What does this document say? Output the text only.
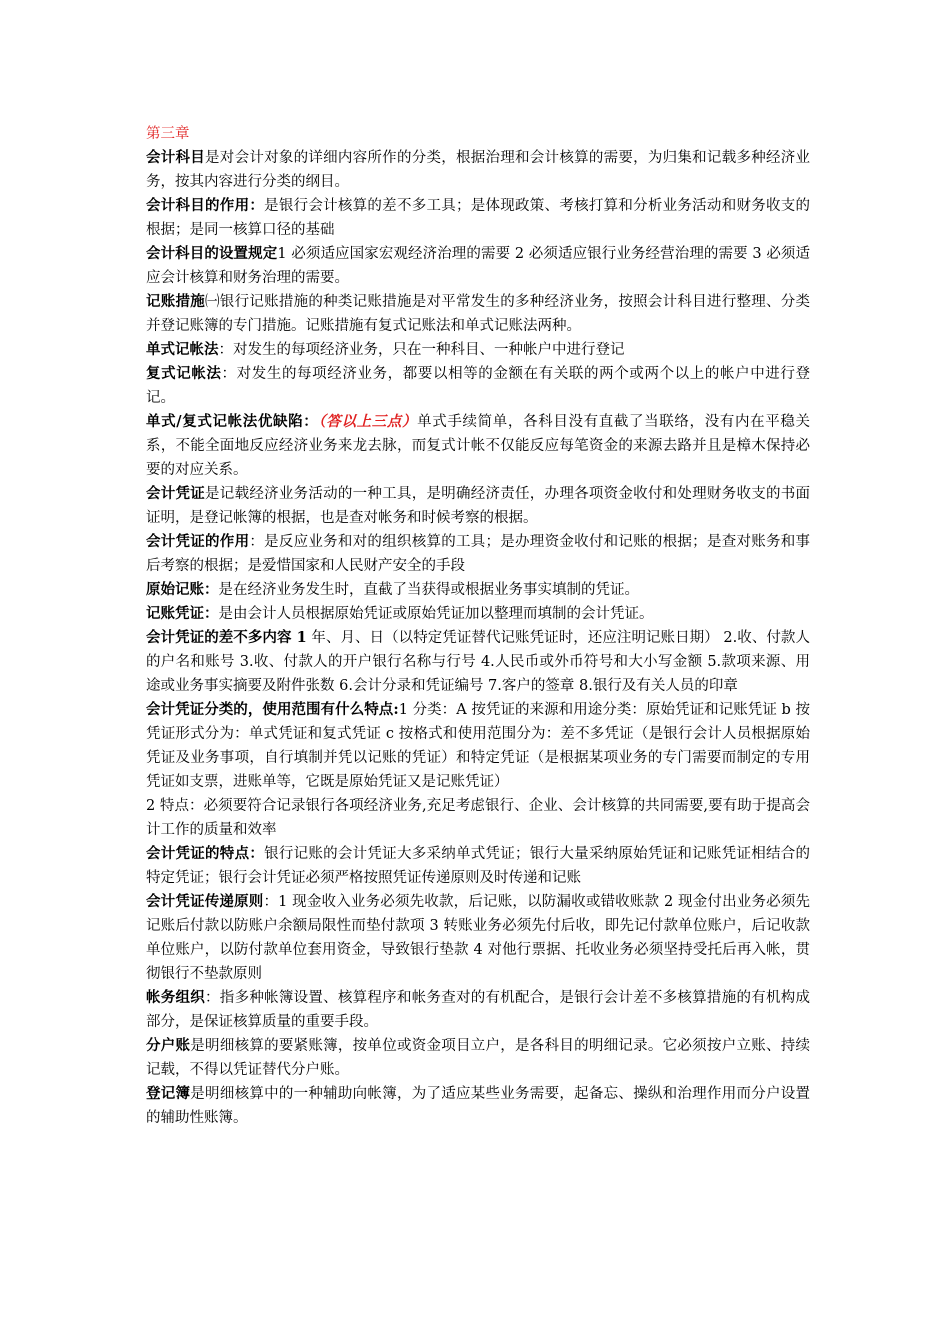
第三章

会计科目是对会计对象的详细内容所作的分类，根据治理和会计核算的需要，为归集和记载多种经济业务，按其内容进行分类的纲目。

会计科目的作用：是银行会计核算的差不多工具；是体现政策、考核打算和分析业务活动和财务收支的根据；是同一核算口径的基础

会计科目的设置规定1 必须适应国家宏观经济治理的需要 2 必须适应银行业务经营治理的需要 3 必须适应会计核算和财务治理的需要。

记账措施㈠银行记账措施的种类记账措施是对平常发生的多种经济业务，按照会计科目进行整理、分类并登记账簿的专门措施。记账措施有复式记账法和单式记账法两种。

单式记帐法：对发生的每项经济业务，只在一种科目、一种帐户中进行登记

复式记帐法：对发生的每项经济业务，都要以相等的金额在有关联的两个或两个以上的帐户中进行登记。

单式/复式记帐法优缺陷：（答以上三点）单式手续简单，各科目没有直截了当联络，没有内在平稳关系，不能全面地反应经济业务来龙去脉，而复式计帐不仅能反应每笔资金的来源去路并且是樟木保持必要的对应关系。

会计凭证是记载经济业务活动的一种工具，是明确经济责任，办理各项资金收付和处理财务收支的书面证明，是登记帐簿的根据，也是查对帐务和时候考察的根据。

会计凭证的作用：是反应业务和对的组织核算的工具；是办理资金收付和记账的根据；是查对账务和事后考察的根据；是爱惜国家和人民财产安全的手段

原始记账：是在经济业务发生时，直截了当获得或根据业务事实填制的凭证。

记账凭证：是由会计人员根据原始凭证或原始凭证加以整理而填制的会计凭证。

会计凭证的差不多内容 1 年、月、日（以特定凭证替代记账凭证时，还应注明记账日期） 2.收、付款人的户名和账号 3.收、付款人的开户银行名称与行号 4.人民币或外币符号和大小写金额 5.款项来源、用途或业务事实摘要及附件张数 6.会计分录和凭证编号 7.客户的签章 8.银行及有关人员的印章

会计凭证分类的，使用范围有什么特点:1 分类：A 按凭证的来源和用途分类：原始凭证和记账凭证 b 按凭证形式分为：单式凭证和复式凭证 c 按格式和使用范围分为：差不多凭证（是银行会计人员根据原始凭证及业务事项，自行填制并凭以记账的凭证）和特定凭证（是根据某项业务的专门需要而制定的专用凭证如支票，进账单等，它既是原始凭证又是记账凭证）

2 特点：必须要符合记录银行各项经济业务,充足考虑银行、企业、会计核算的共同需要,要有助于提高会计工作的质量和效率

会计凭证的特点：银行记账的会计凭证大多采纳单式凭证；银行大量采纳原始凭证和记账凭证相结合的特定凭证；银行会计凭证必须严格按照凭证传递原则及时传递和记账

会计凭证传递原则：1 现金收入业务必须先收款，后记账，以防漏收或错收账款 2 现金付出业务必须先记账后付款以防账户余额局限性而垫付款项 3 转账业务必须先付后收，即先记付款单位账户，后记收款单位账户，以防付款单位套用资金，导致银行垫款 4 对他行票据、托收业务必须坚持受托后再入帐，贯彻银行不垫款原则

帐务组织：指多种帐簿设置、核算程序和帐务查对的有机配合，是银行会计差不多核算措施的有机构成部分，是保证核算质量的重要手段。

分户账是明细核算的要紧账簿，按单位或资金项目立户，是各科目的明细记录。它必须按户立账、持续记载，不得以凭证替代分户账。

登记簿是明细核算中的一种辅助向帐簿，为了适应某些业务需要，起备忘、操纵和治理作用而分户设置的辅助性账簿。
